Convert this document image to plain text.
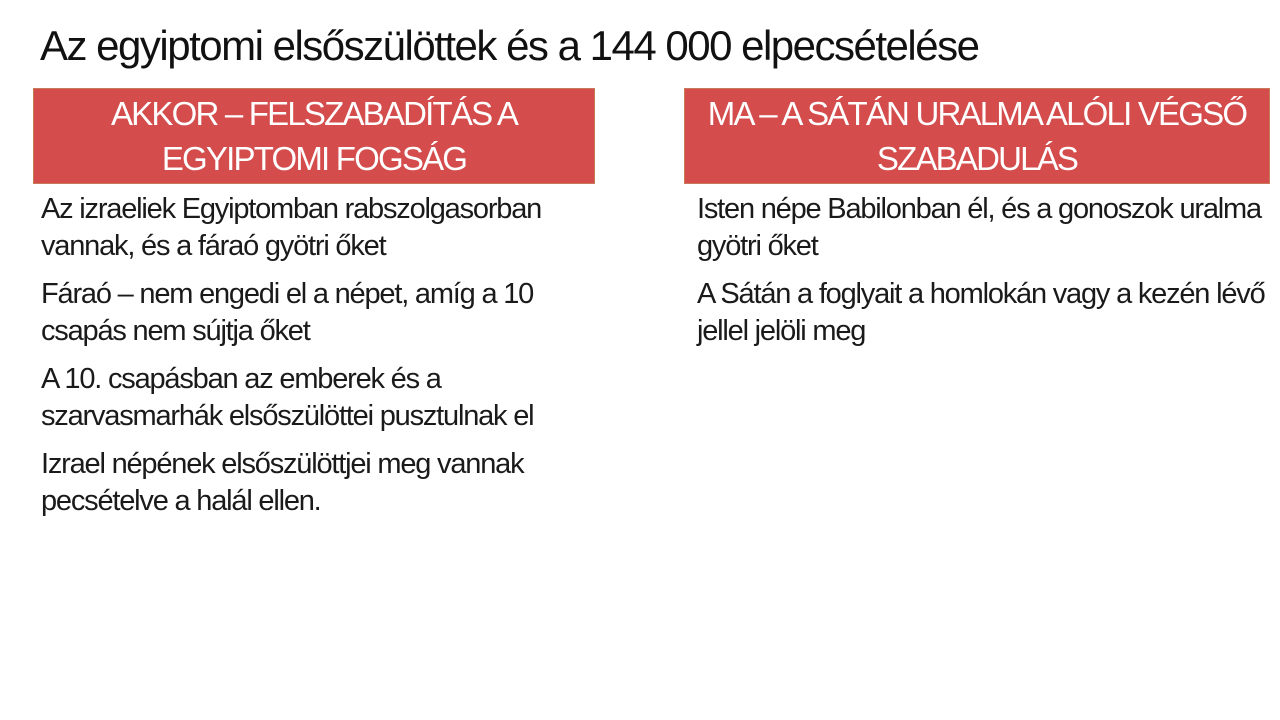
Az egyiptomi elsőszülöttek és a 144 000 elpecsételése
AKKOR – FELSZABADÍTÁS A EGYIPTOMI FOGSÁG
Az izraeliek Egyiptomban rabszolgasorban vannak, és a fáraó gyötri őket
Fáraó – nem engedi el a népet, amíg a 10 csapás nem sújtja őket
A 10. csapásban az emberek és a szarvasmarhák elsőszülöttei pusztulnak el
Izrael népének elsőszülöttjei meg vannak pecsételve a halál ellen.
MA – A SÁTÁN URALMA ALÓLI VÉGSŐ SZABADULÁS
Isten népe Babilonban él, és a gonoszok uralma gyötri őket
A Sátán a foglyait a homlokán vagy a kezén lévő jellel jelöli meg
